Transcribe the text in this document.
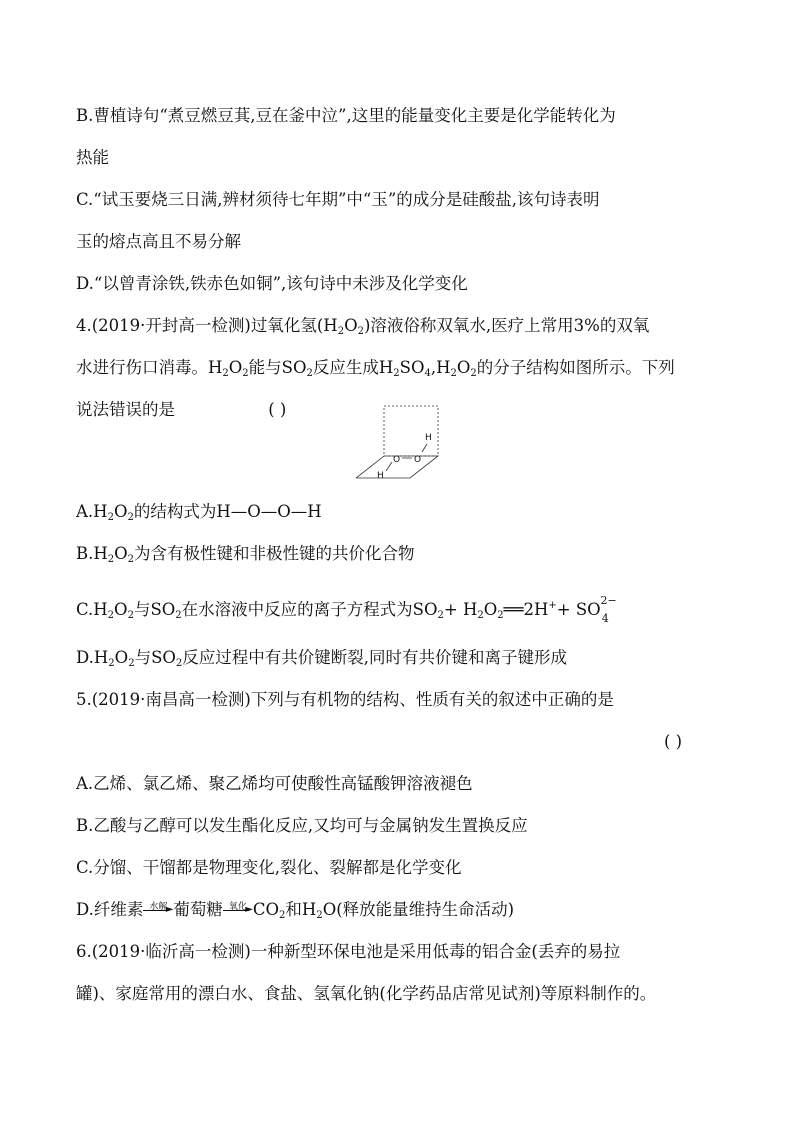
B.曹植诗句“煮豆燃豆萁,豆在釜中泣”,这里的能量变化主要是化学能转化为
热能
C.“试玉要烧三日满,辨材须待七年期”中“玉”的成分是硅酸盐,该句诗表明
玉的熔点高且不易分解
D.“以曾青涂铁,铁赤色如铜”,该句诗中未涉及化学变化
4.(2019·开封高一检测)过氧化氢$(H_2O_2)$溶液俗称双氧水,医疗上常用3%的双氧
水进行伤口消毒。$H_2O_2$能与$SO_2$反应生成$H_2SO_4,H_2O_2$的分子结构如图所示。下列
说法错误的是	( )
H
O O
H
$A.H_2O_2$的结构式为H—O—O—H
$B.H_2O_2$为含有极性键和非极性键的共价化合物
$C.H_2O_2$与$SO_2$在水溶液中反应的离子方程式为$SO_2+$ $H_2O_2══2H^++$ SO 2−
4
$D.H_2O_2$与$SO_2$反应过程中有共价键断裂,同时有共价键和离子键形成
5.(2019·南昌高一检测)下列与有机物的结构、性质有关的叙述中正确的是
( )
A.乙烯、氯乙烯、聚乙烯均可使酸性高锰酸钾溶液褪色
B.乙酸与乙醇可以发生酯化反应,又均可与金属钠发生置换反应
C.分馏、干馏都是物理变化,裂化、裂解都是化学变化
D.纤维素 水解
► 葡萄糖 氧化
► $CO_2$和$H_2O$(释放能量维持生命活动)
6.(2019·临沂高一检测)一种新型环保电池是采用低毒的铝合金(丢弃的易拉
罐)、家庭常用的漂白水、食盐、氢氧化钠(化学药品店常见试剂)等原料制作的。
